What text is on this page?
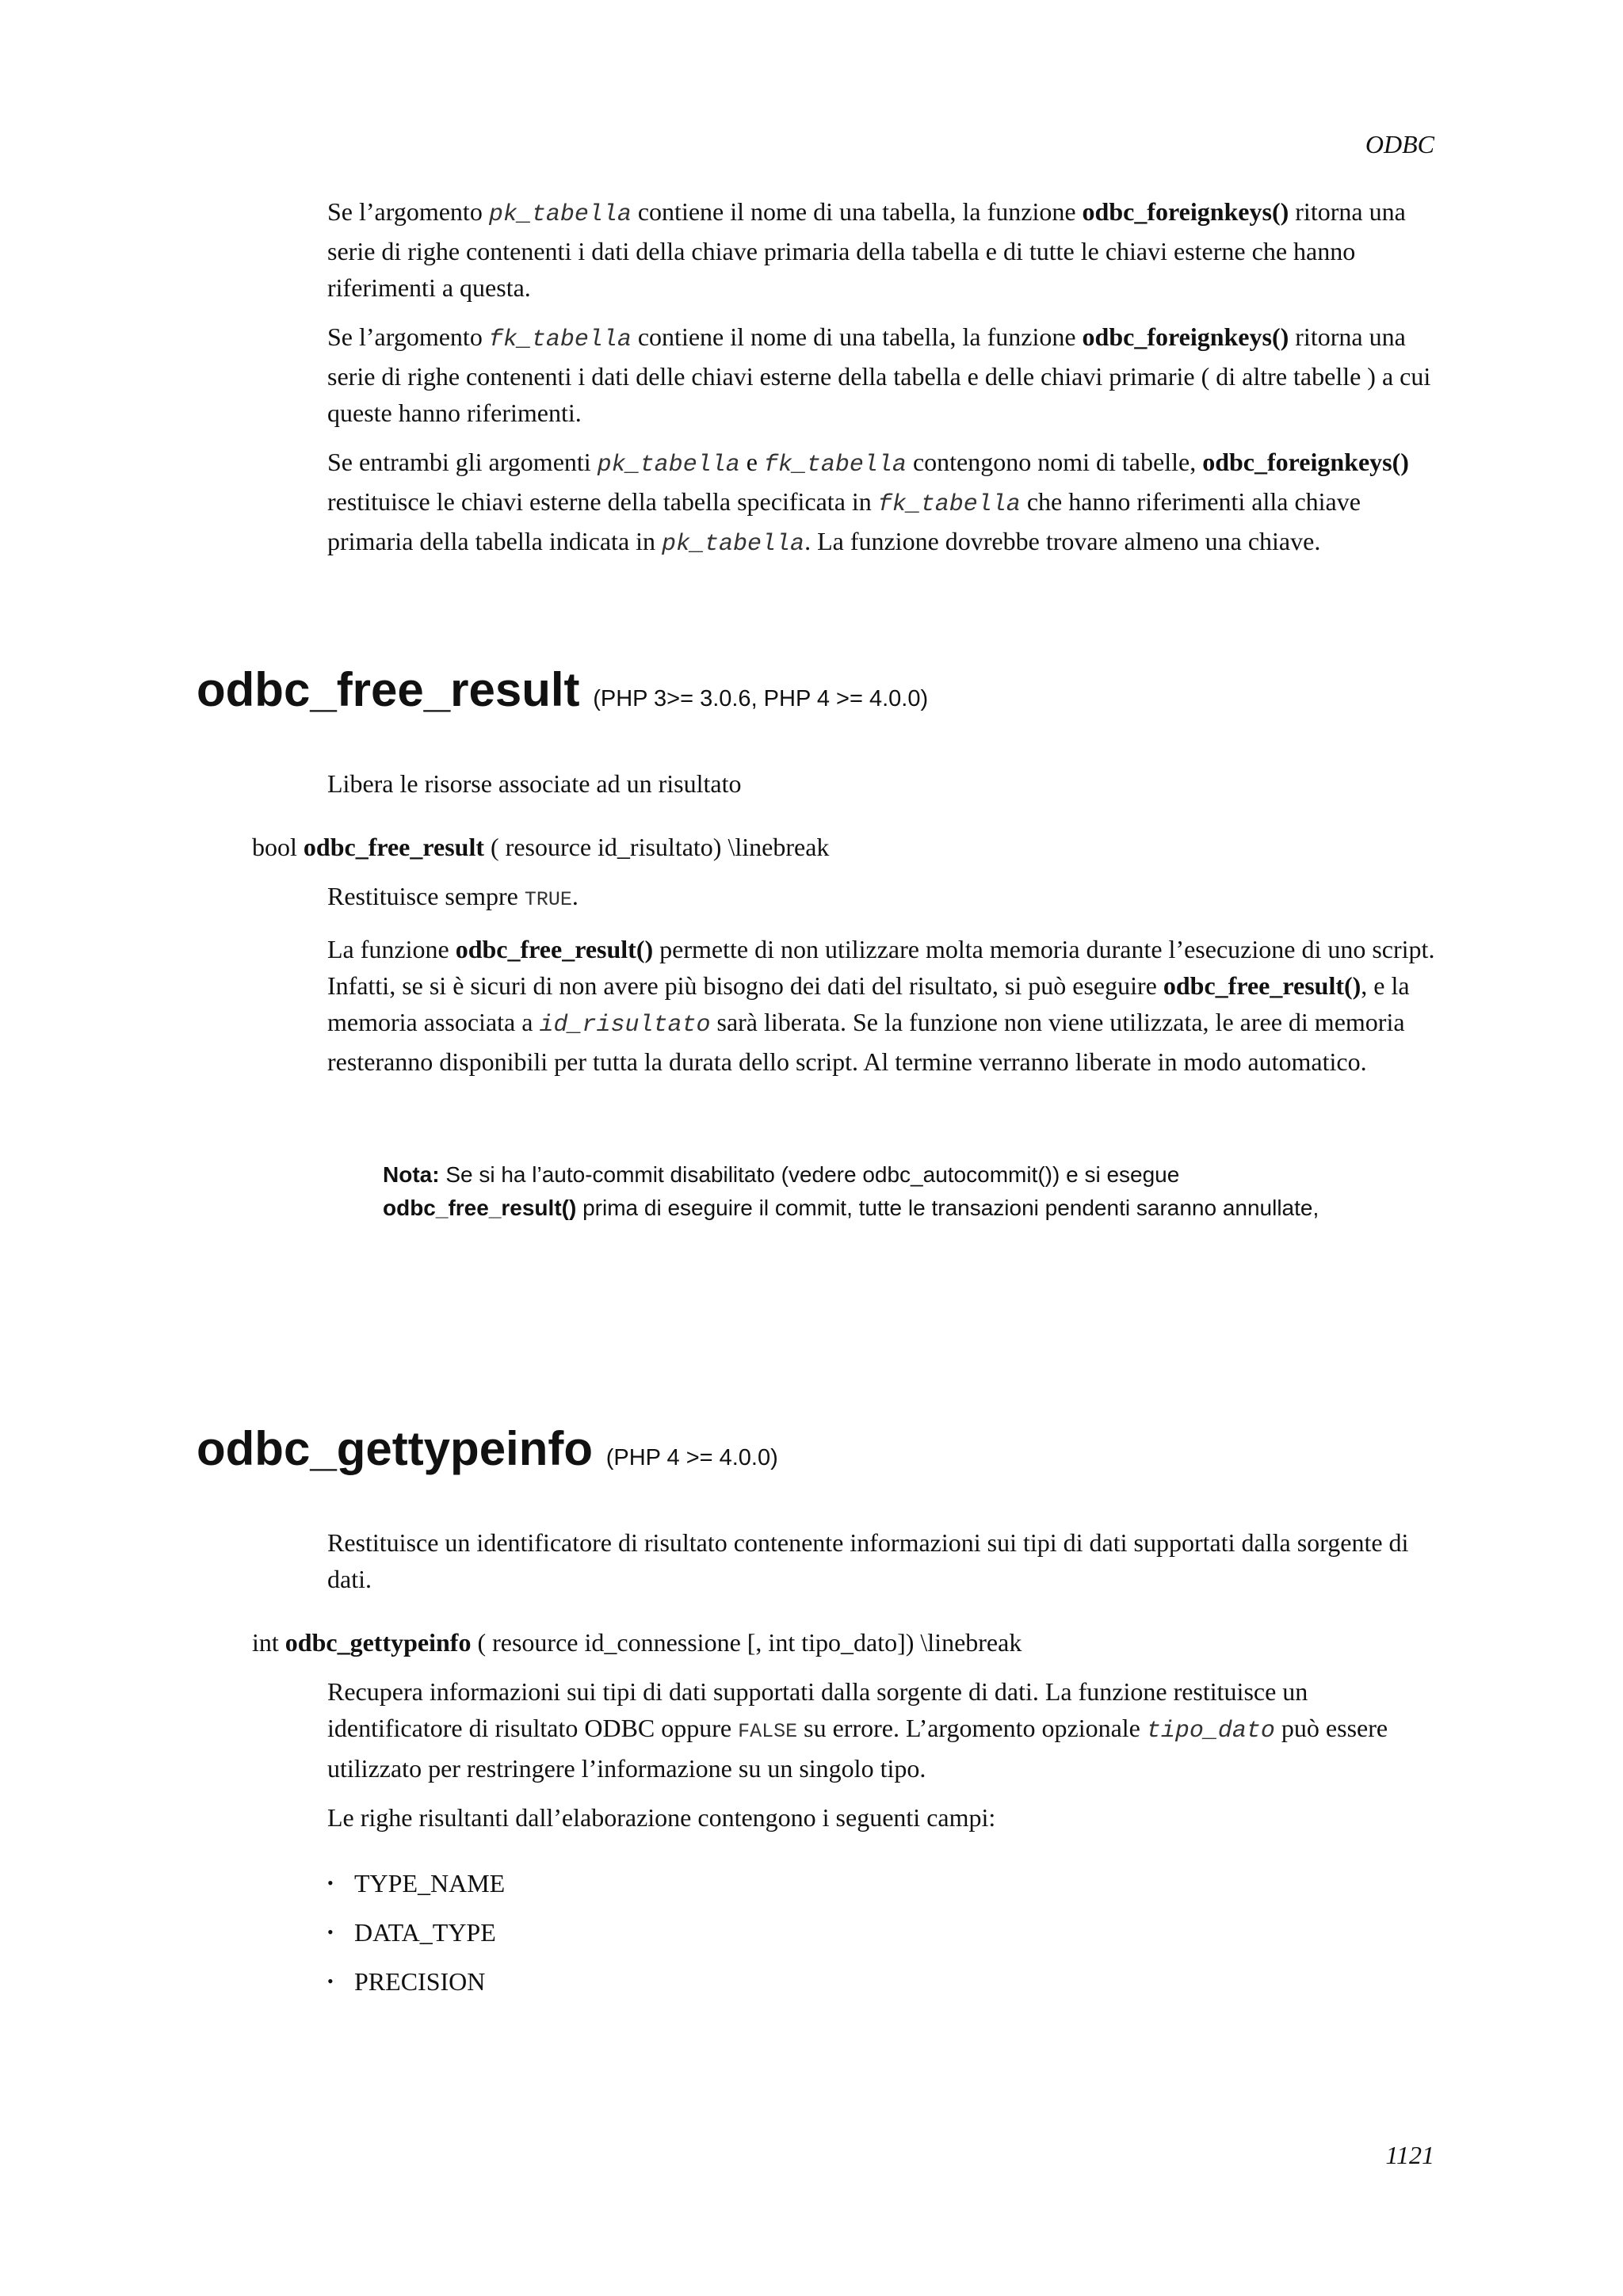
ODBC

Se l’argomento pk_tabella contiene il nome di una tabella, la funzione odbc_foreignkeys() ritorna una serie di righe contenenti i dati della chiave primaria della tabella e di tutte le chiavi esterne che hanno riferimenti a questa.

Se l’argomento fk_tabella contiene il nome di una tabella, la funzione odbc_foreignkeys() ritorna una serie di righe contenenti i dati delle chiavi esterne della tabella e delle chiavi primarie ( di altre tabelle ) a cui queste hanno riferimenti.

Se entrambi gli argomenti pk_tabella e fk_tabella contengono nomi di tabelle, odbc_foreignkeys() restituisce le chiavi esterne della tabella specificata in fk_tabella che hanno riferimenti alla chiave primaria della tabella indicata in pk_tabella. La funzione dovrebbe trovare almeno una chiave.

odbc_free_result (PHP 3>= 3.0.6, PHP 4 >= 4.0.0)
Libera le risorse associate ad un risultato
bool odbc_free_result ( resource id_risultato) \linebreak

Restituisce sempre TRUE.

La funzione odbc_free_result() permette di non utilizzare molta memoria durante l’esecuzione di uno script. Infatti, se si è sicuri di non avere più bisogno dei dati del risultato, si può eseguire odbc_free_result(), e la memoria associata a id_risultato sarà liberata. Se la funzione non viene utilizzata, le aree di memoria resteranno disponibili per tutta la durata dello script. Al termine verranno liberate in modo automatico.

Nota: Se si ha l’auto-commit disabilitato (vedere odbc_autocommit()) e si esegue
odbc_free_result() prima di eseguire il commit, tutte le transazioni pendenti saranno annullate,
odbc_gettypeinfo (PHP 4 >= 4.0.0)
Restituisce un identificatore di risultato contenente informazioni sui tipi di dati supportati dalla sorgente di dati.
int odbc_gettypeinfo ( resource id_connessione [, int tipo_dato]) \linebreak

Recupera informazioni sui tipi di dati supportati dalla sorgente di dati. La funzione restituisce un identificatore di risultato ODBC oppure FALSE su errore. L’argomento opzionale tipo_dato può essere utilizzato per restringere l’informazione su un singolo tipo.

Le righe risultanti dall’elaborazione contengono i seguenti campi:

• TYPE_NAME
• DATA_TYPE
• PRECISION
1121
